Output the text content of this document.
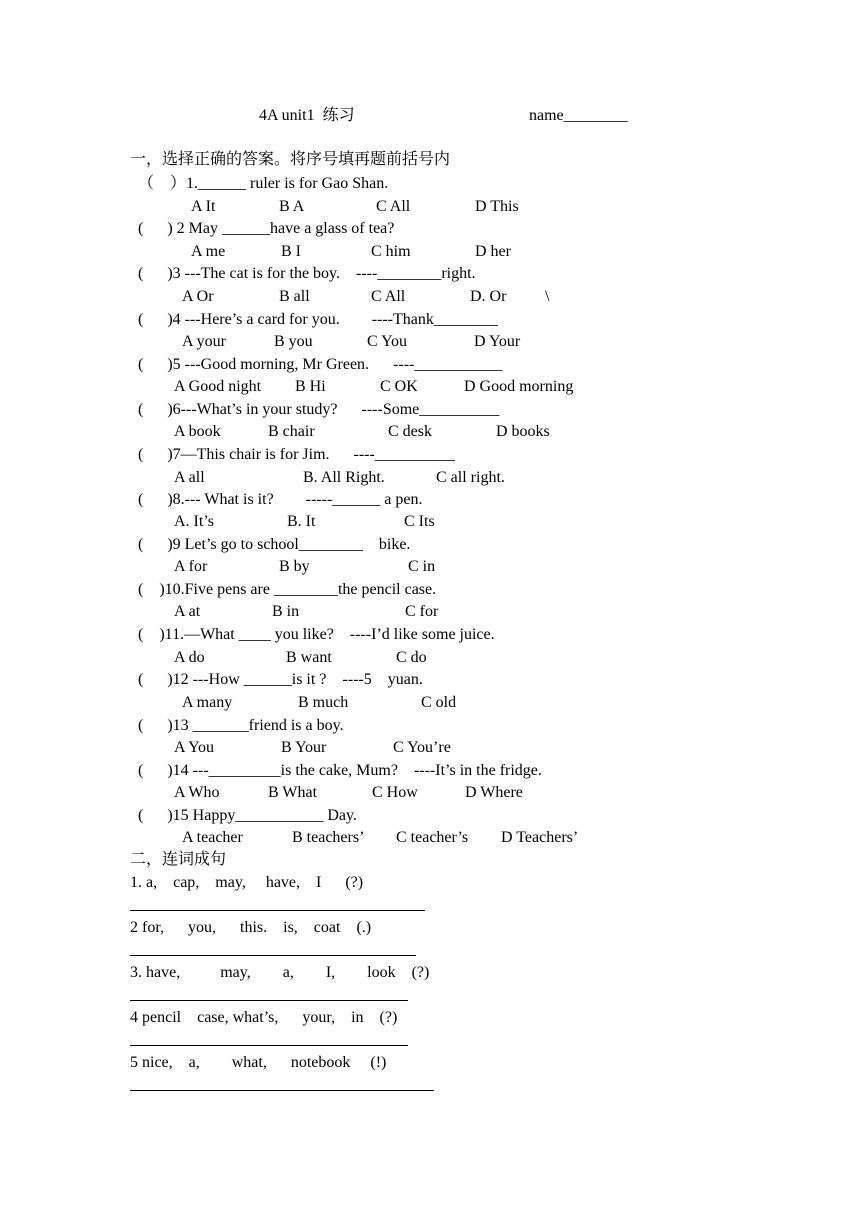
4A unit1  练习	name________
一，选择正确的答案。将序号填再题前括号内
（    ）1.______ ruler is for Gao Shan.
A It	B A	C All	D This
(      ) 2 May ______have a glass of tea?
A me	B I	C him	D her
(      )3 ---The cat is for the boy.    ----________right.
A Or	B all	C All	D. Or \
(      )4 ---Here’s a card for you.        ----Thank________
A your	B you	C You	D Your
(      )5 ---Good morning, Mr Green.      ----___________
A Good night B Hi	C OK	D Good morning
(      )6---What’s in your study?      ----Some__________
A book	B chair	C desk	D books
(      )7—This chair is for Jim.      ----__________
A all	B. All Right.	C all right.
(      )8.--- What is it?        -----______ a pen.
A. It’s	B. It	C Its
(      )9 Let’s go to school________    bike.
A for	B by	C in
(    )10.Five pens are ________the pencil case.
A at	B in	C for
(    )11.—What ____ you like?    ----I’d like some juice.
A do	B want	C do
(      )12 ---How ______is it ?    ----5    yuan.
A many	B much	C old
(      )13 _______friend is a boy.
A You	B Your	C You’re
(      )14 ---_________is the cake, Mum?    ----It’s in the fridge.
A Who	B What	C How	D Where
(      )15 Happy___________ Day.
A teacher	B teachers’ C teacher’s D Teachers’
二，连词成句
1. a,    cap,    may,     have,    I      (?)
2 for,      you,      this.    is,    coat    (.)
3. have,          may,        a,        I,        look    (?)
4 pencil    case, what’s,      your,    in    (?)
5 nice,    a,        what,      notebook     (!)
